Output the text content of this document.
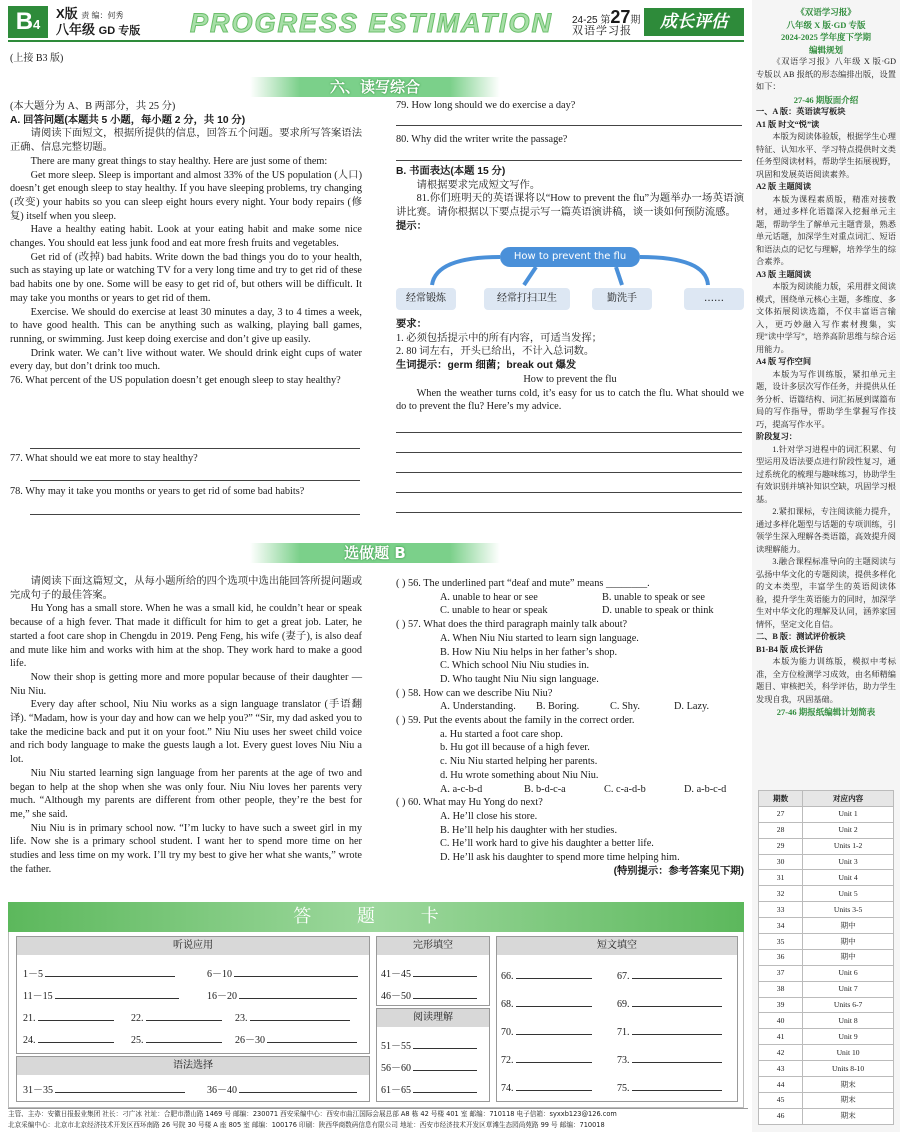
B4
X版 责 编：何秀
八年级 GD 专版 PROGRESS ESTIMATION 24-25 第27期
双语学习报	成长评估
(上接 B3 版)
六、读写综合
(本大题分为 A、B 两部分，共 25 分)
A. 回答问题(本题共 5 小题，每小题 2 分，共 10 分)
请阅读下面短文，根据所提供的信息，回答五个问题。要求所写答案语法正确、信息完整切题。
There are many great things to stay healthy. Here are just some of them:
Get more sleep. Sleep is important and almost 33% of the US population (人口) doesn’t get enough sleep to stay healthy. If you have sleeping problems, try changing (改变) your habits so you can sleep eight hours every night. Your body repairs (修复) itself when you sleep.
Have a healthy eating habit. Look at your eating habit and make some nice changes. You should eat less junk food and eat more fresh fruits and vegetables.
Get rid of (改掉) bad habits. Write down the bad things you do to your health, such as staying up late or watching TV for a very long time and try to get rid of these bad habits one by one. Some will be easy to get rid of, but others will be difficult. It may take you months or years to get rid of them.
Exercise. We should do exercise at least 30 minutes a day, 3 to 4 times a week, to have good health. This can be anything such as walking, playing ball games, running, or swimming. Just keep doing exercise and don’t give up easily.
Drink water. We can’t live without water. We should drink eight cups of water every day, but don’t drink too much.
76. What percent of the US population doesn’t get enough sleep to stay healthy?
77. What should we eat more to stay healthy?
78. Why may it take you months or years to get rid of some bad habits?
79. How long should we do exercise a day?
80. Why did the writer write the passage?
B. 书面表达(本题 15 分)
请根据要求完成短文写作。
81.你们班明天的英语课将以“How to prevent the flu”为题举办一场英语演讲比赛。请你根据以下要点提示写一篇英语演讲稿，谈一谈如何预防流感。
提示：
How to prevent the flu
经常锻炼	经常打扫卫生	勤洗手	……
要求：
1. 必须包括提示中的所有内容，可适当发挥；
2. 80 词左右，开头已给出，不计入总词数。
生词提示：germ 细菌；break out 爆发
How to prevent the flu
When the weather turns cold, it’s easy for us to catch the flu. What should we do to prevent the flu? Here’s my advice.
选做题 B
请阅读下面这篇短文，从每小题所给的四个选项中选出能回答所提问题或完成句子的最佳答案。
Hu Yong has a small store. When he was a small kid, he couldn’t hear or speak because of a high fever. That made it difficult for him to get a great job. Later, he started a foot care shop in Chengdu in 2019. Peng Feng, his wife (妻子), is also deaf and mute like him and works with him at the shop. They work hard to make a good life.
Now their shop is getting more and more popular because of their daughter — Niu Niu.
Every day after school, Niu Niu works as a sign language translator (手语翻译). “Madam, how is your day and how can we help you?” “Sir, my dad asked you to take the medicine back and put it on your foot.” Niu Niu uses her sweet child voice and rich body language to make the guests laugh a lot. Every guest loves Niu Niu a lot.
Niu Niu started learning sign language from her parents at the age of two and began to help at the shop when she was only four. Niu Niu loves her parents very much. “Although my parents are different from other people, they’re the best for me,” she said.
Niu Niu is in primary school now. “I’m lucky to have such a sweet girl in my life. Now she is a primary school student. I want her to spend more time on her studies and less time on my work. I’ll try my best to give her what she wants,” wrote the father.
( ) 56. The underlined part “deaf and mute” means ________.
A. unable to hear or see	B. unable to speak or see
C. unable to hear or speak	D. unable to speak or think
( ) 57. What does the third paragraph mainly talk about?
A. When Niu Niu started to learn sign language.
B. How Niu Niu helps in her father’s shop.
C. Which school Niu Niu studies in.
D. Who taught Niu Niu sign language.
( ) 58. How can we describe Niu Niu?
A. Understanding.	B. Boring.	C. Shy.	D. Lazy.
( ) 59. Put the events about the family in the correct order.
a. Hu started a foot care shop.
b. Hu got ill because of a high fever.
c. Niu Niu started helping her parents.
d. Hu wrote something about Niu Niu.
A. a-c-b-d	B. b-d-c-a	C. c-a-d-b	D. a-b-c-d
( ) 60. What may Hu Yong do next?
A. He’ll close his store.
B. He’ll help his daughter with her studies.
C. He’ll work hard to give his daughter a better life.
D. He’ll ask his daughter to spend more time helping him.
(特别提示：参考答案见下期)
答 题 卡
听说应用
1－5	6－10
11－15	16－20
21.	22.	23.
24.	25.	26－30
语法选择
31－35	36－40
完形填空
41－45
46－50
阅读理解
51－55
56－60
61－65
短文填空
66.	67.
68.	69.
70.	71.
72.	73.
74.	75.
主管、主办：安徽日报报业集团 社长：刁广冰 社址：合肥市潜山路 1469 号 邮编：230071 西安采编中心：西安市曲江国际会展总部 A8 栋 42 号楼 401 室 邮编：710118 电子信箱：syxxb123@126.com
北京采编中心：北京市北京经济技术开发区西环南路 26 号院 30 号楼 A 座 805 室 邮编：100176 印刷：陕西华商数码信息有限公司 地址：西安市经济技术开发区草滩生态园尚苑路 99 号 邮编：710018
《双语学习报》
八年级 X 版·GD 专版
2024-2025 学年度下学期
编辑规划
《双语学习报》八年级 X 版·GD 专版以 AB 报纸的形态编排出版，设置如下：
27-46 期版面介绍
一、A 版：英语读写板块
A1 版 时文“悦”读
本版为阅读体验版，根据学生心理特征、认知水平、学习特点提供时文类任务型阅读材料，帮助学生拓展视野，巩固和发展英语阅读素养。
A2 版 主题阅读
本版为课程素质版，精准对接教材，通过多样化语篇深入挖掘单元主题，帮助学生了解单元主题背景，熟悉单元话题，加深学生对重点词汇、短语和语法点的记忆与理解，培养学生的综合素养。
A3 版 主题阅读
本版为阅读能力版，采用群文阅读模式，围绕单元核心主题，多维度、多文体拓展阅读选篇，不仅丰富语言输入，更巧妙融入写作素材搜集，实现“读中学写”，培养高阶思维与综合运用能力。
A4 版 写作空间
本版为写作训练版，紧扣单元主题，设计多层次写作任务，并提供从任务分析、语篇结构、词汇拓展到谋篇布局的写作指导，帮助学生掌握写作技巧，提高写作水平。
阶段复习：
1.针对学习进程中的词汇积累、句型运用及语法要点进行阶段性复习，通过系统化的梳理与趣味练习，协助学生有效识别并填补知识空缺，巩固学习根基。
2.紧扣课标，专注阅读能力提升，通过多样化题型与话题的专项训练，引领学生深入理解各类语篇，高效提升阅读理解能力。
3.融合课程标准导向的主题阅读与弘扬中华文化的专题阅读，提供多样化的文本类型，丰富学生的英语阅读体验，提升学生英语能力的同时，加深学生对中华文化的理解及认同，涵养家国情怀，坚定文化自信。
二、B 版：测试评价板块
B1-B4 版 成长评估
本版为能力训练版，模拟中考标准，全方位检测学习成效，由名师精编题目、审核把关，科学评估，助力学生发现自我，巩固基础。
27-46 期报纸编辑计划简表
期数	对应内容
27	Unit 1
28	Unit 2
29	Units 1-2
30	Unit 3
31	Unit 4
32	Unit 5
33	Units 3-5
34	期中
35	期中
36	期中
37	Unit 6
38	Unit 7
39	Units 6-7
40	Unit 8
41	Unit 9
42	Unit 10
43	Units 8-10
44	期末
45	期末
46	期末
